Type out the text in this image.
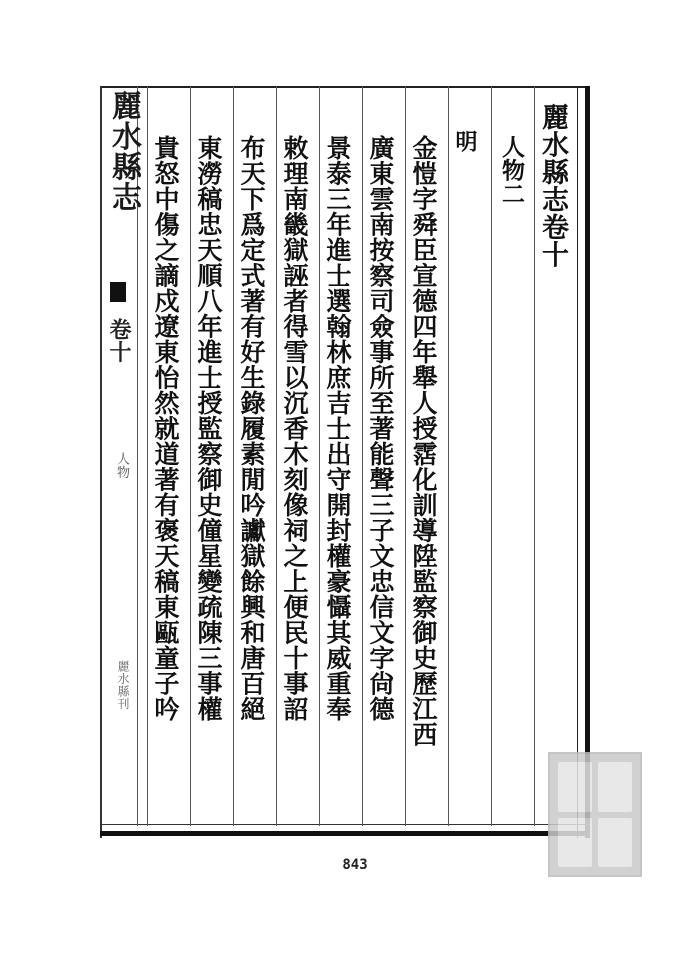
麗水縣志卷十
人物二
明
金愷字舜臣宣德四年舉人授霑化訓導陞監察御史歷江西
廣東雲南按察司僉事所至著能聲三子文忠信文字尙德
景泰三年進士選翰林庶吉士出守開封權豪懾其威重奉
敕理南畿獄誣者得雪以沉香木刻像祠之上便民十事詔
布天下爲定式著有好生錄履素閒吟讞獄餘興和唐百絕
東澇稿忠天順八年進士授監察御史僮星變疏陳三事權
貴怒中傷之謫戍遼東怡然就道著有褒天稿東甌童子吟
麗水縣志
卷十
人物
麗水縣刊
843
